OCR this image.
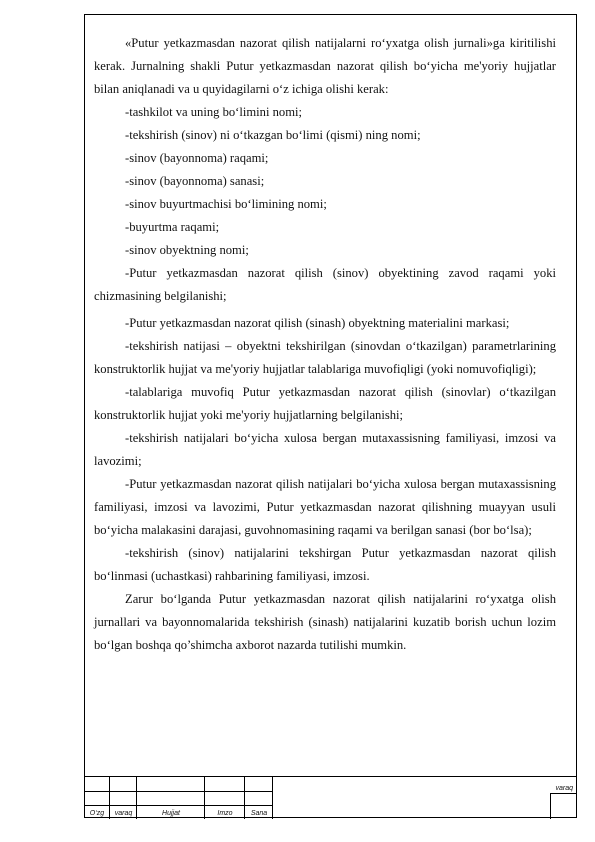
«Putur yetkazmasdan nazorat qilish natijalarni ro‘yxatga olish jurnali»ga kiritilishi kerak. Jurnalning shakli Putur yetkazmasdan nazorat qilish bo‘yicha me'yoriy hujjatlar bilan aniqlanadi va u quyidagilarni o‘z ichiga olishi kerak:

-tashkilot va uning bo‘limini nomi;

-tekshirish (sinov) ni o‘tkazgan bo‘limi (qismi) ning nomi;

-sinov (bayonnoma) raqami;

-sinov (bayonnoma) sanasi;

-sinov buyurtmachisi bo‘limining nomi;

-buyurtma raqami;

-sinov obyektning nomi;

-Putur yetkazmasdan nazorat qilish (sinov) obyektining zavod raqami yoki chizmasining belgilanishi;

-Putur yetkazmasdan nazorat qilish (sinash) obyektning materialini markasi;

-tekshirish natijasi – obyektni tekshirilgan (sinovdan o‘tkazilgan) parametrlarining konstruktorlik hujjat va me'yoriy hujjatlar talablariga muvofiqligi (yoki nomuvofiqligi);

-talablariga muvofiq Putur yetkazmasdan nazorat qilish (sinovlar) o‘tkazilgan konstruktorlik hujjat yoki me'yoriy hujjatlarning belgilanishi;

-tekshirish natijalari bo‘yicha xulosa bergan mutaxassisning familiyasi, imzosi va lavozimi;

-Putur yetkazmasdan nazorat qilish natijalari bo‘yicha xulosa bergan mutaxassisning familiyasi, imzosi va lavozimi, Putur yetkazmasdan nazorat qilishning muayyan usuli bo‘yicha malakasini darajasi, guvohnomasining raqami va berilgan sanasi (bor bo‘lsa);

-tekshirish (sinov) natijalarini tekshirgan Putur yetkazmasdan nazorat qilish bo‘linmasi (uchastkasi) rahbarining familiyasi, imzosi.

Zarur bo‘lganda Putur yetkazmasdan nazorat qilish natijalarini ro‘yxatga olish jurnallari va bayonnomalarida tekshirish (sinash) natijalarini kuzatib borish uchun lozim bo‘lgan boshqa qo’shimcha axborot nazarda tutilishi mumkin.

O‘zg	varaq	Hujjat	Imzo	Sana
varaq
